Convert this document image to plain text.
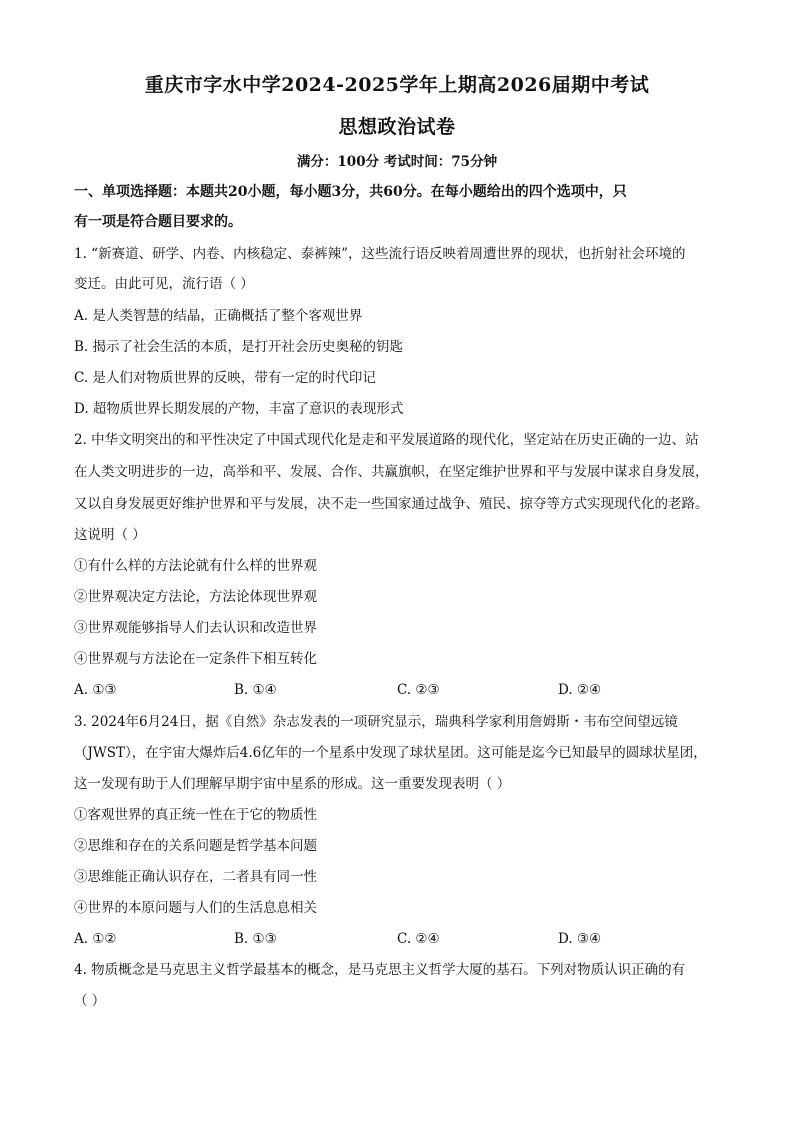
重庆市字水中学2024-2025学年上期高2026届期中考试
思想政治试卷
满分：100分 考试时间：75分钟
一、单项选择题：本题共20小题，每小题3分，共60分。在每小题给出的四个选项中，只
有一项是符合题目要求的。
1. “新赛道、研学、内卷、内核稳定、泰裤辣”，这些流行语反映着周遭世界的现状，也折射社会环境的
变迁。由此可见，流行语（ ）
A. 是人类智慧的结晶，正确概括了整个客观世界
B. 揭示了社会生活的本质，是打开社会历史奥秘的钥匙
C. 是人们对物质世界的反映，带有一定的时代印记
D. 超物质世界长期发展的产物，丰富了意识的表现形式
2. 中华文明突出的和平性决定了中国式现代化是走和平发展道路的现代化，坚定站在历史正确的一边、站
在人类文明进步的一边，高举和平、发展、合作、共赢旗帜，在坚定维护世界和平与发展中谋求自身发展，
又以自身发展更好维护世界和平与发展，决不走一些国家通过战争、殖民、掠夺等方式实现现代化的老路。
这说明（ ）
①有什么样的方法论就有什么样的世界观
②世界观决定方法论，方法论体现世界观
③世界观能够指导人们去认识和改造世界
④世界观与方法论在一定条件下相互转化
A. ①③	B. ①④	C. ②③	D. ②④
3. 2024年6月24日，据《自然》杂志发表的一项研究显示，瑞典科学家利用詹姆斯・韦布空间望远镜
（JWST），在宇宙大爆炸后4.6亿年的一个星系中发现了球状星团。这可能是迄今已知最早的圆球状星团，
这一发现有助于人们理解早期宇宙中星系的形成。这一重要发现表明（ ）
①客观世界的真正统一性在于它的物质性
②思维和存在的关系问题是哲学基本问题
③思维能正确认识存在，二者具有同一性
④世界的本原问题与人们的生活息息相关
A. ①②	B. ①③	C. ②④	D. ③④
4. 物质概念是马克思主义哲学最基本的概念，是马克思主义哲学大厦的基石。下列对物质认识正确的有
（ ）
